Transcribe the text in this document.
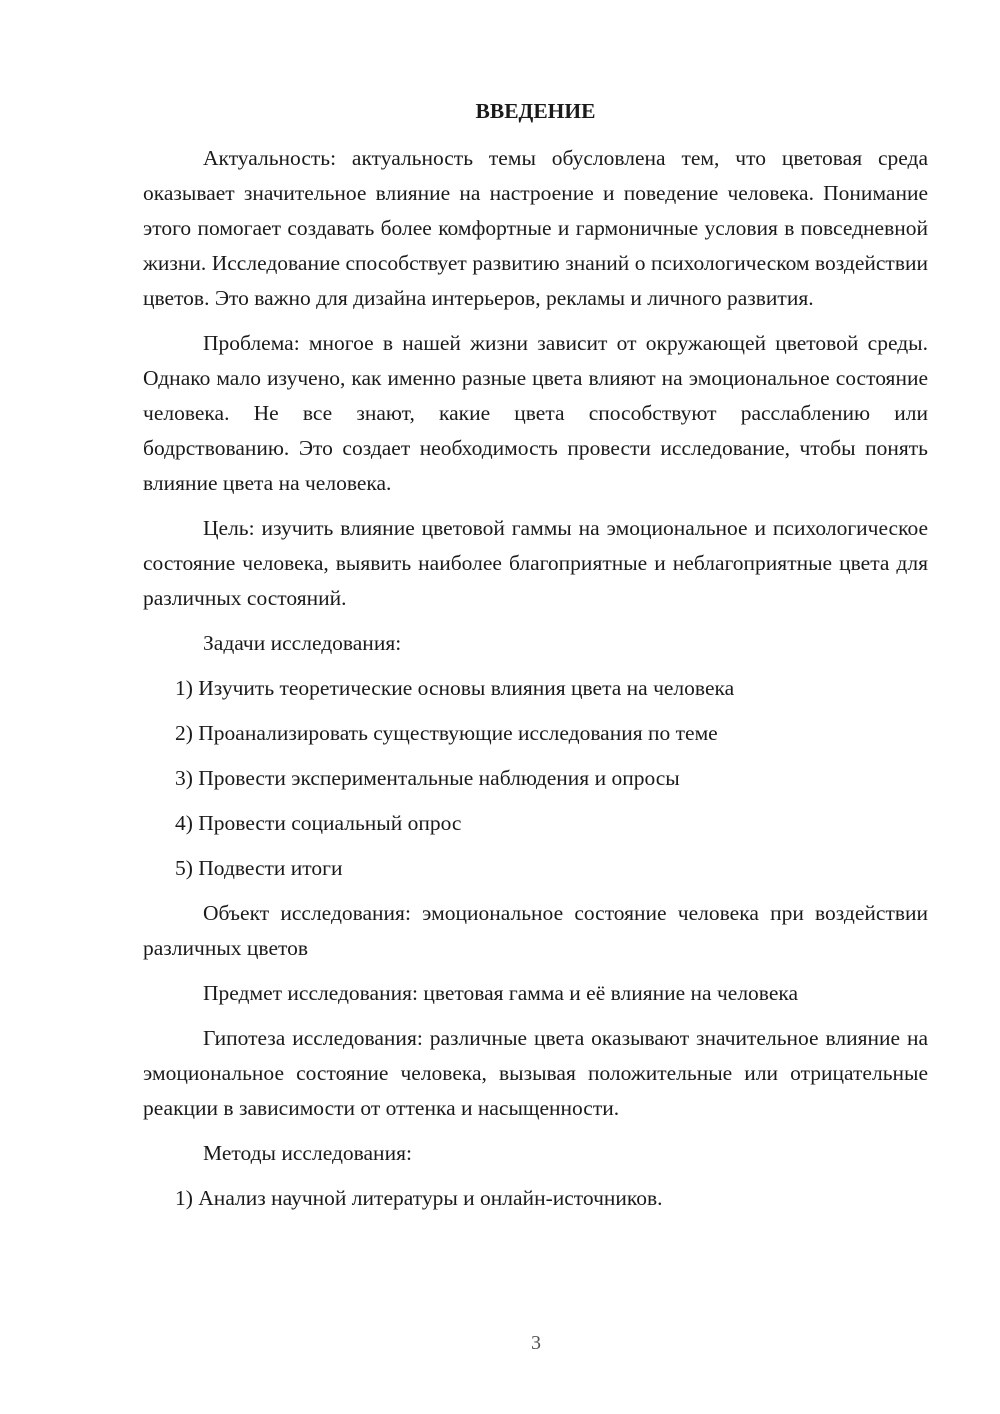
ВВЕДЕНИЕ
Актуальность: актуальность темы обусловлена тем, что цветовая среда оказывает значительное влияние на настроение и поведение человека. Понимание этого помогает создавать более комфортные и гармоничные условия в повседневной жизни. Исследование способствует развитию знаний о психологическом воздействии цветов. Это важно для дизайна интерьеров, рекламы и личного развития.
Проблема: многое в нашей жизни зависит от окружающей цветовой среды. Однако мало изучено, как именно разные цвета влияют на эмоциональное состояние человека. Не все знают, какие цвета способствуют расслаблению или бодрствованию. Это создает необходимость провести исследование, чтобы понять влияние цвета на человека.
Цель: изучить влияние цветовой гаммы на эмоциональное и психологическое состояние человека, выявить наиболее благоприятные и неблагоприятные цвета для различных состояний.
Задачи исследования:
1) Изучить теоретические основы влияния цвета на человека
2) Проанализировать существующие исследования по теме
3) Провести экспериментальные наблюдения и опросы
4) Провести социальный опрос
5) Подвести итоги
Объект исследования: эмоциональное состояние человека при воздействии различных цветов
Предмет исследования: цветовая гамма и её влияние на человека
Гипотеза исследования: различные цвета оказывают значительное влияние на эмоциональное состояние человека, вызывая положительные или отрицательные реакции в зависимости от оттенка и насыщенности.
Методы исследования:
1) Анализ научной литературы и онлайн-источников.
3
